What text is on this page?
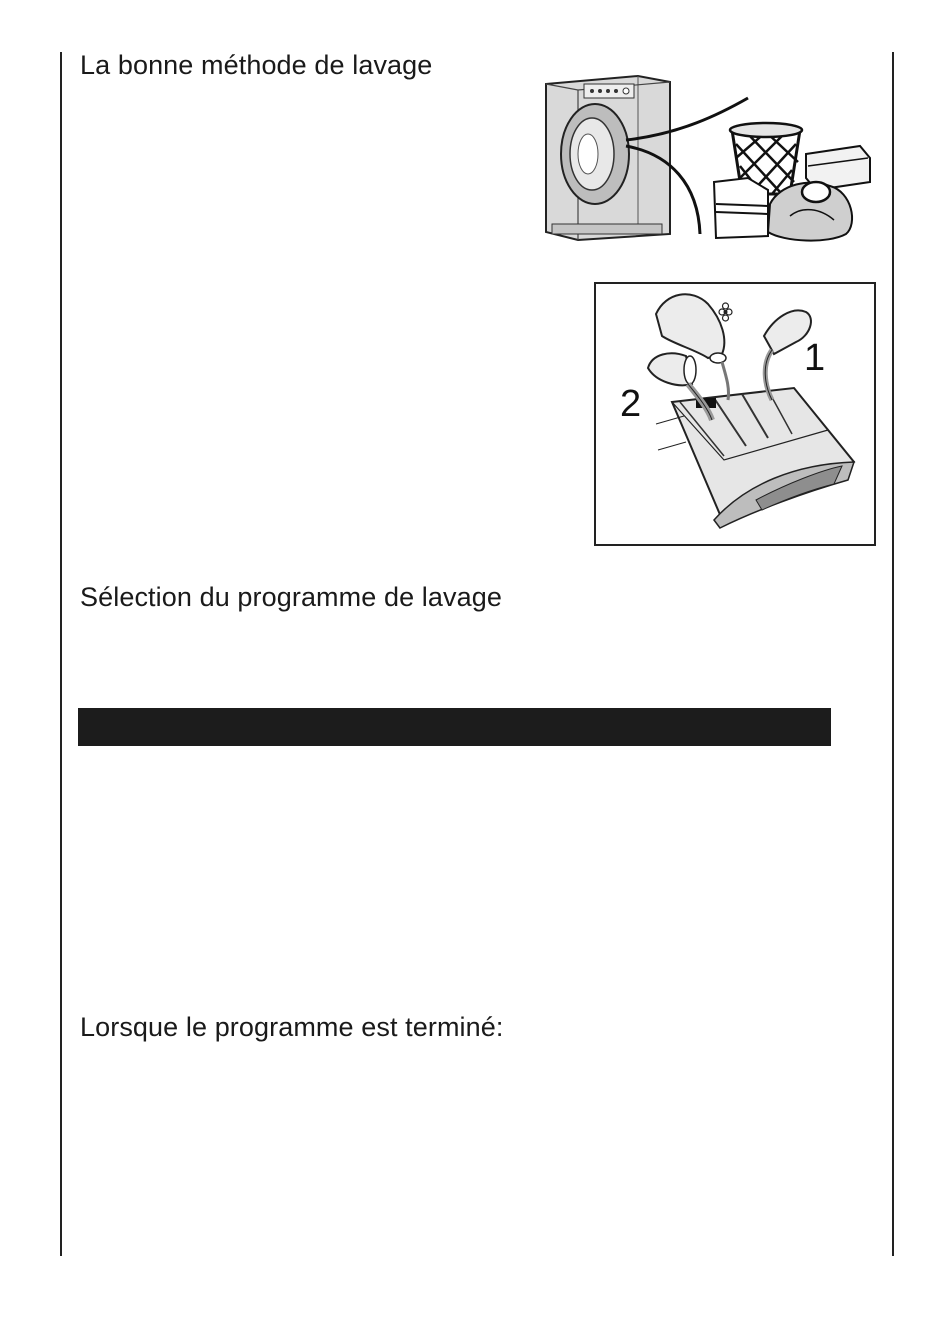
La bonne méthode de lavage
1
2
Sélection du programme de lavage
Lorsque le programme est terminé:
